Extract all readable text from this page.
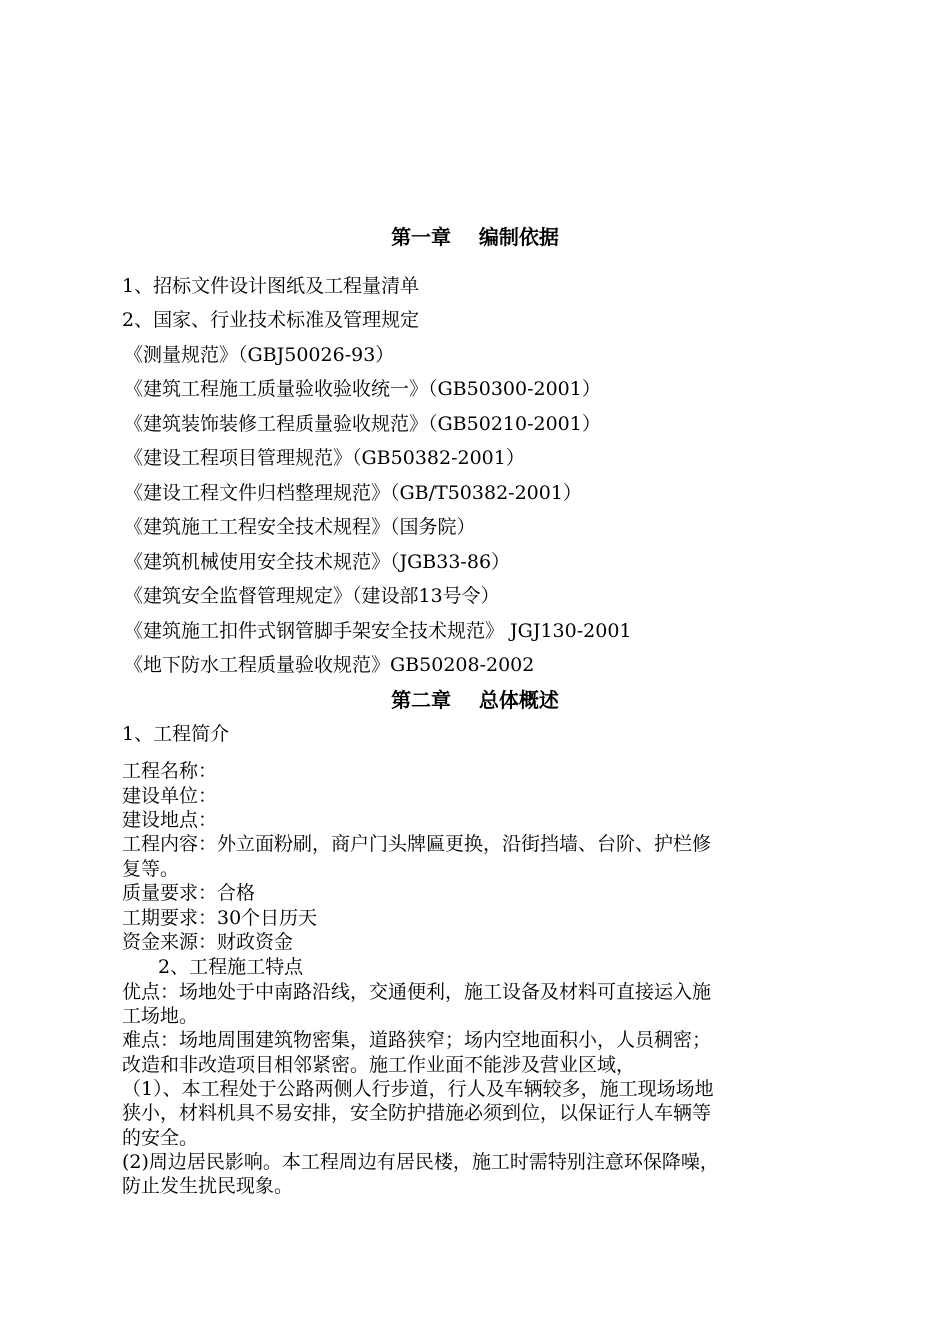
第一章    编制依据
1、招标文件设计图纸及工程量清单
2、国家、行业技术标准及管理规定
《测量规范》（GBJ50026-93）
《建筑工程施工质量验收验收统一》（GB50300-2001）
《建筑装饰装修工程质量验收规范》（GB50210-2001）
《建设工程项目管理规范》（GB50382-2001）
《建设工程文件归档整理规范》（GB/T50382-2001）
《建筑施工工程安全技术规程》（国务院）
《建筑机械使用安全技术规范》（JGB33-86）
《建筑安全监督管理规定》（建设部13号令）
《建筑施工扣件式钢管脚手架安全技术规范》 JGJ130-2001
《地下防水工程质量验收规范》GB50208-2002
第二章    总体概述
1、工程简介
工程名称：
建设单位：
建设地点：
工程内容：外立面粉刷，商户门头牌匾更换，沿街挡墙、台阶、护栏修
复等。
质量要求：合格
工期要求：30个日历天
资金来源：财政资金
2、工程施工特点
优点：场地处于中南路沿线，交通便利，施工设备及材料可直接运入施
工场地。
难点：场地周围建筑物密集，道路狭窄；场内空地面积小，人员稠密；
改造和非改造项目相邻紧密。施工作业面不能涉及营业区域，
（1）、本工程处于公路两侧人行步道，行人及车辆较多，施工现场场地
狭小，材料机具不易安排，安全防护措施必须到位，以保证行人车辆等
的安全。
(2)周边居民影响。本工程周边有居民楼，施工时需特别注意环保降噪，
防止发生扰民现象。
